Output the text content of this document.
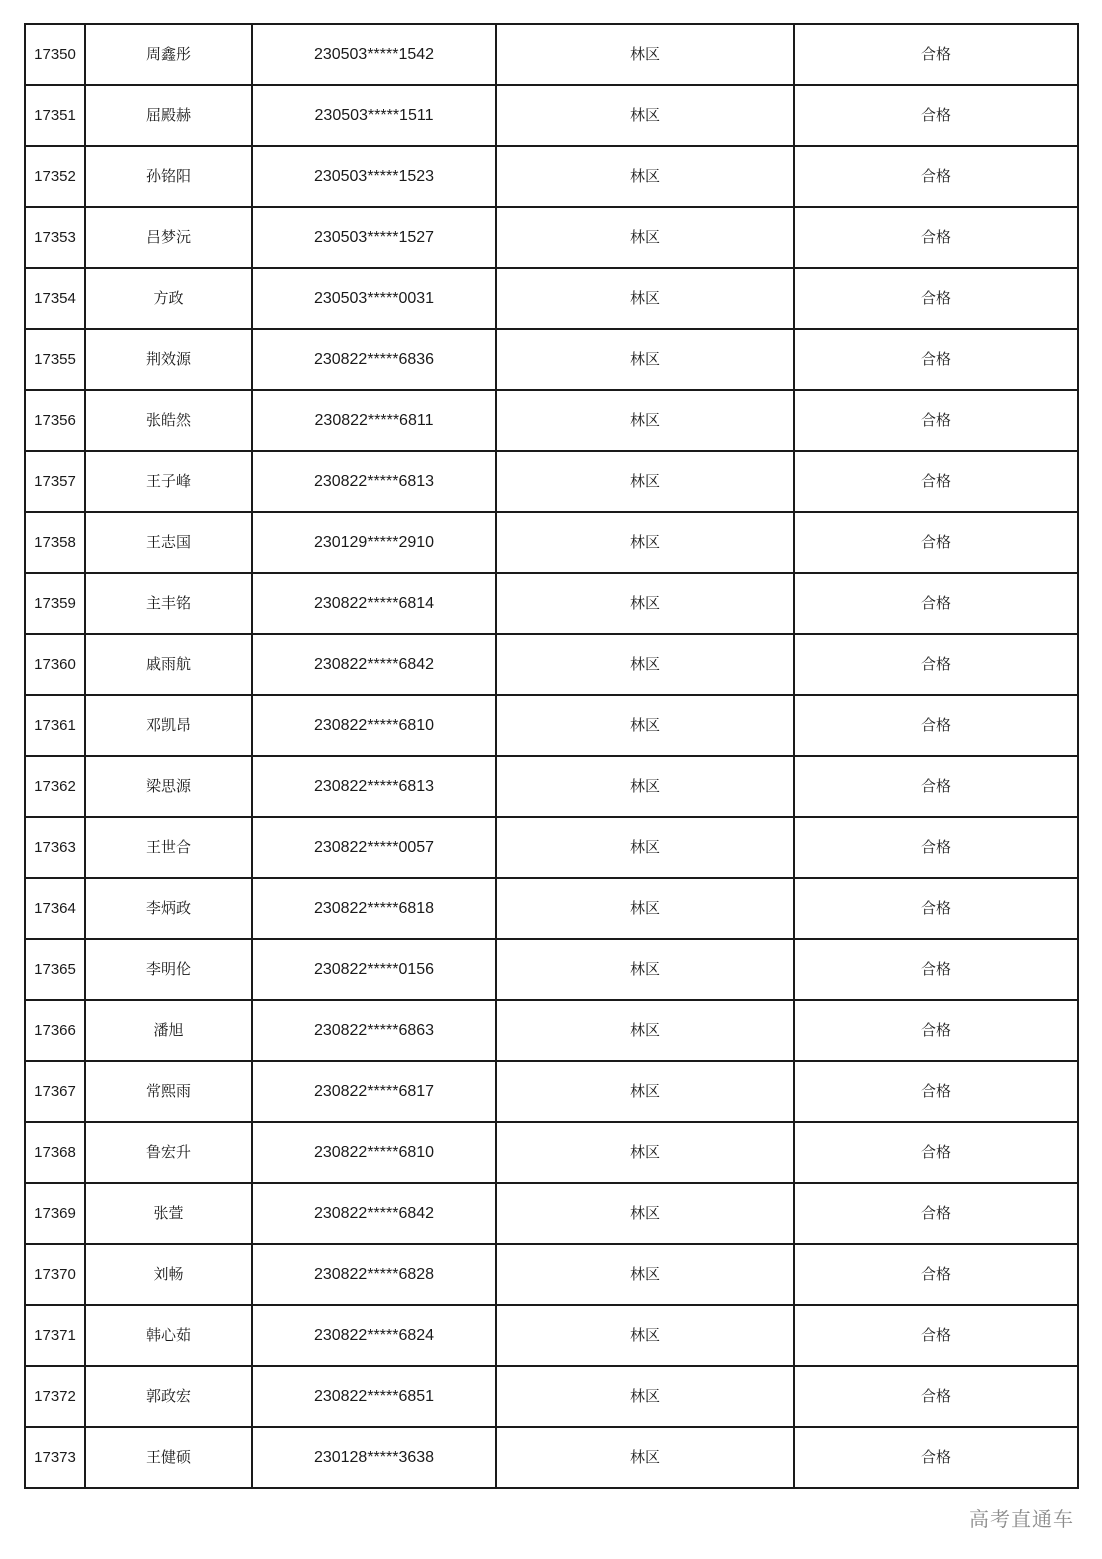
17350	周鑫彤	230503*****1542	林区	合格
17351	屈殿赫	230503*****1511	林区	合格
17352	孙铭阳	230503*****1523	林区	合格
17353	吕梦沅	230503*****1527	林区	合格
17354	方政	230503*****0031	林区	合格
17355	荆效源	230822*****6836	林区	合格
17356	张皓然	230822*****6811	林区	合格
17357	王子峰	230822*****6813	林区	合格
17358	王志国	230129*****2910	林区	合格
17359	主丰铭	230822*****6814	林区	合格
17360	戚雨航	230822*****6842	林区	合格
17361	邓凯昂	230822*****6810	林区	合格
17362	梁思源	230822*****6813	林区	合格
17363	王世合	230822*****0057	林区	合格
17364	李炳政	230822*****6818	林区	合格
17365	李明伦	230822*****0156	林区	合格
17366	潘旭	230822*****6863	林区	合格
17367	常熙雨	230822*****6817	林区	合格
17368	鲁宏升	230822*****6810	林区	合格
17369	张萱	230822*****6842	林区	合格
17370	刘畅	230822*****6828	林区	合格
17371	韩心茹	230822*****6824	林区	合格
17372	郭政宏	230822*****6851	林区	合格
17373	王健硕	230128*****3638	林区	合格
高考直通车
